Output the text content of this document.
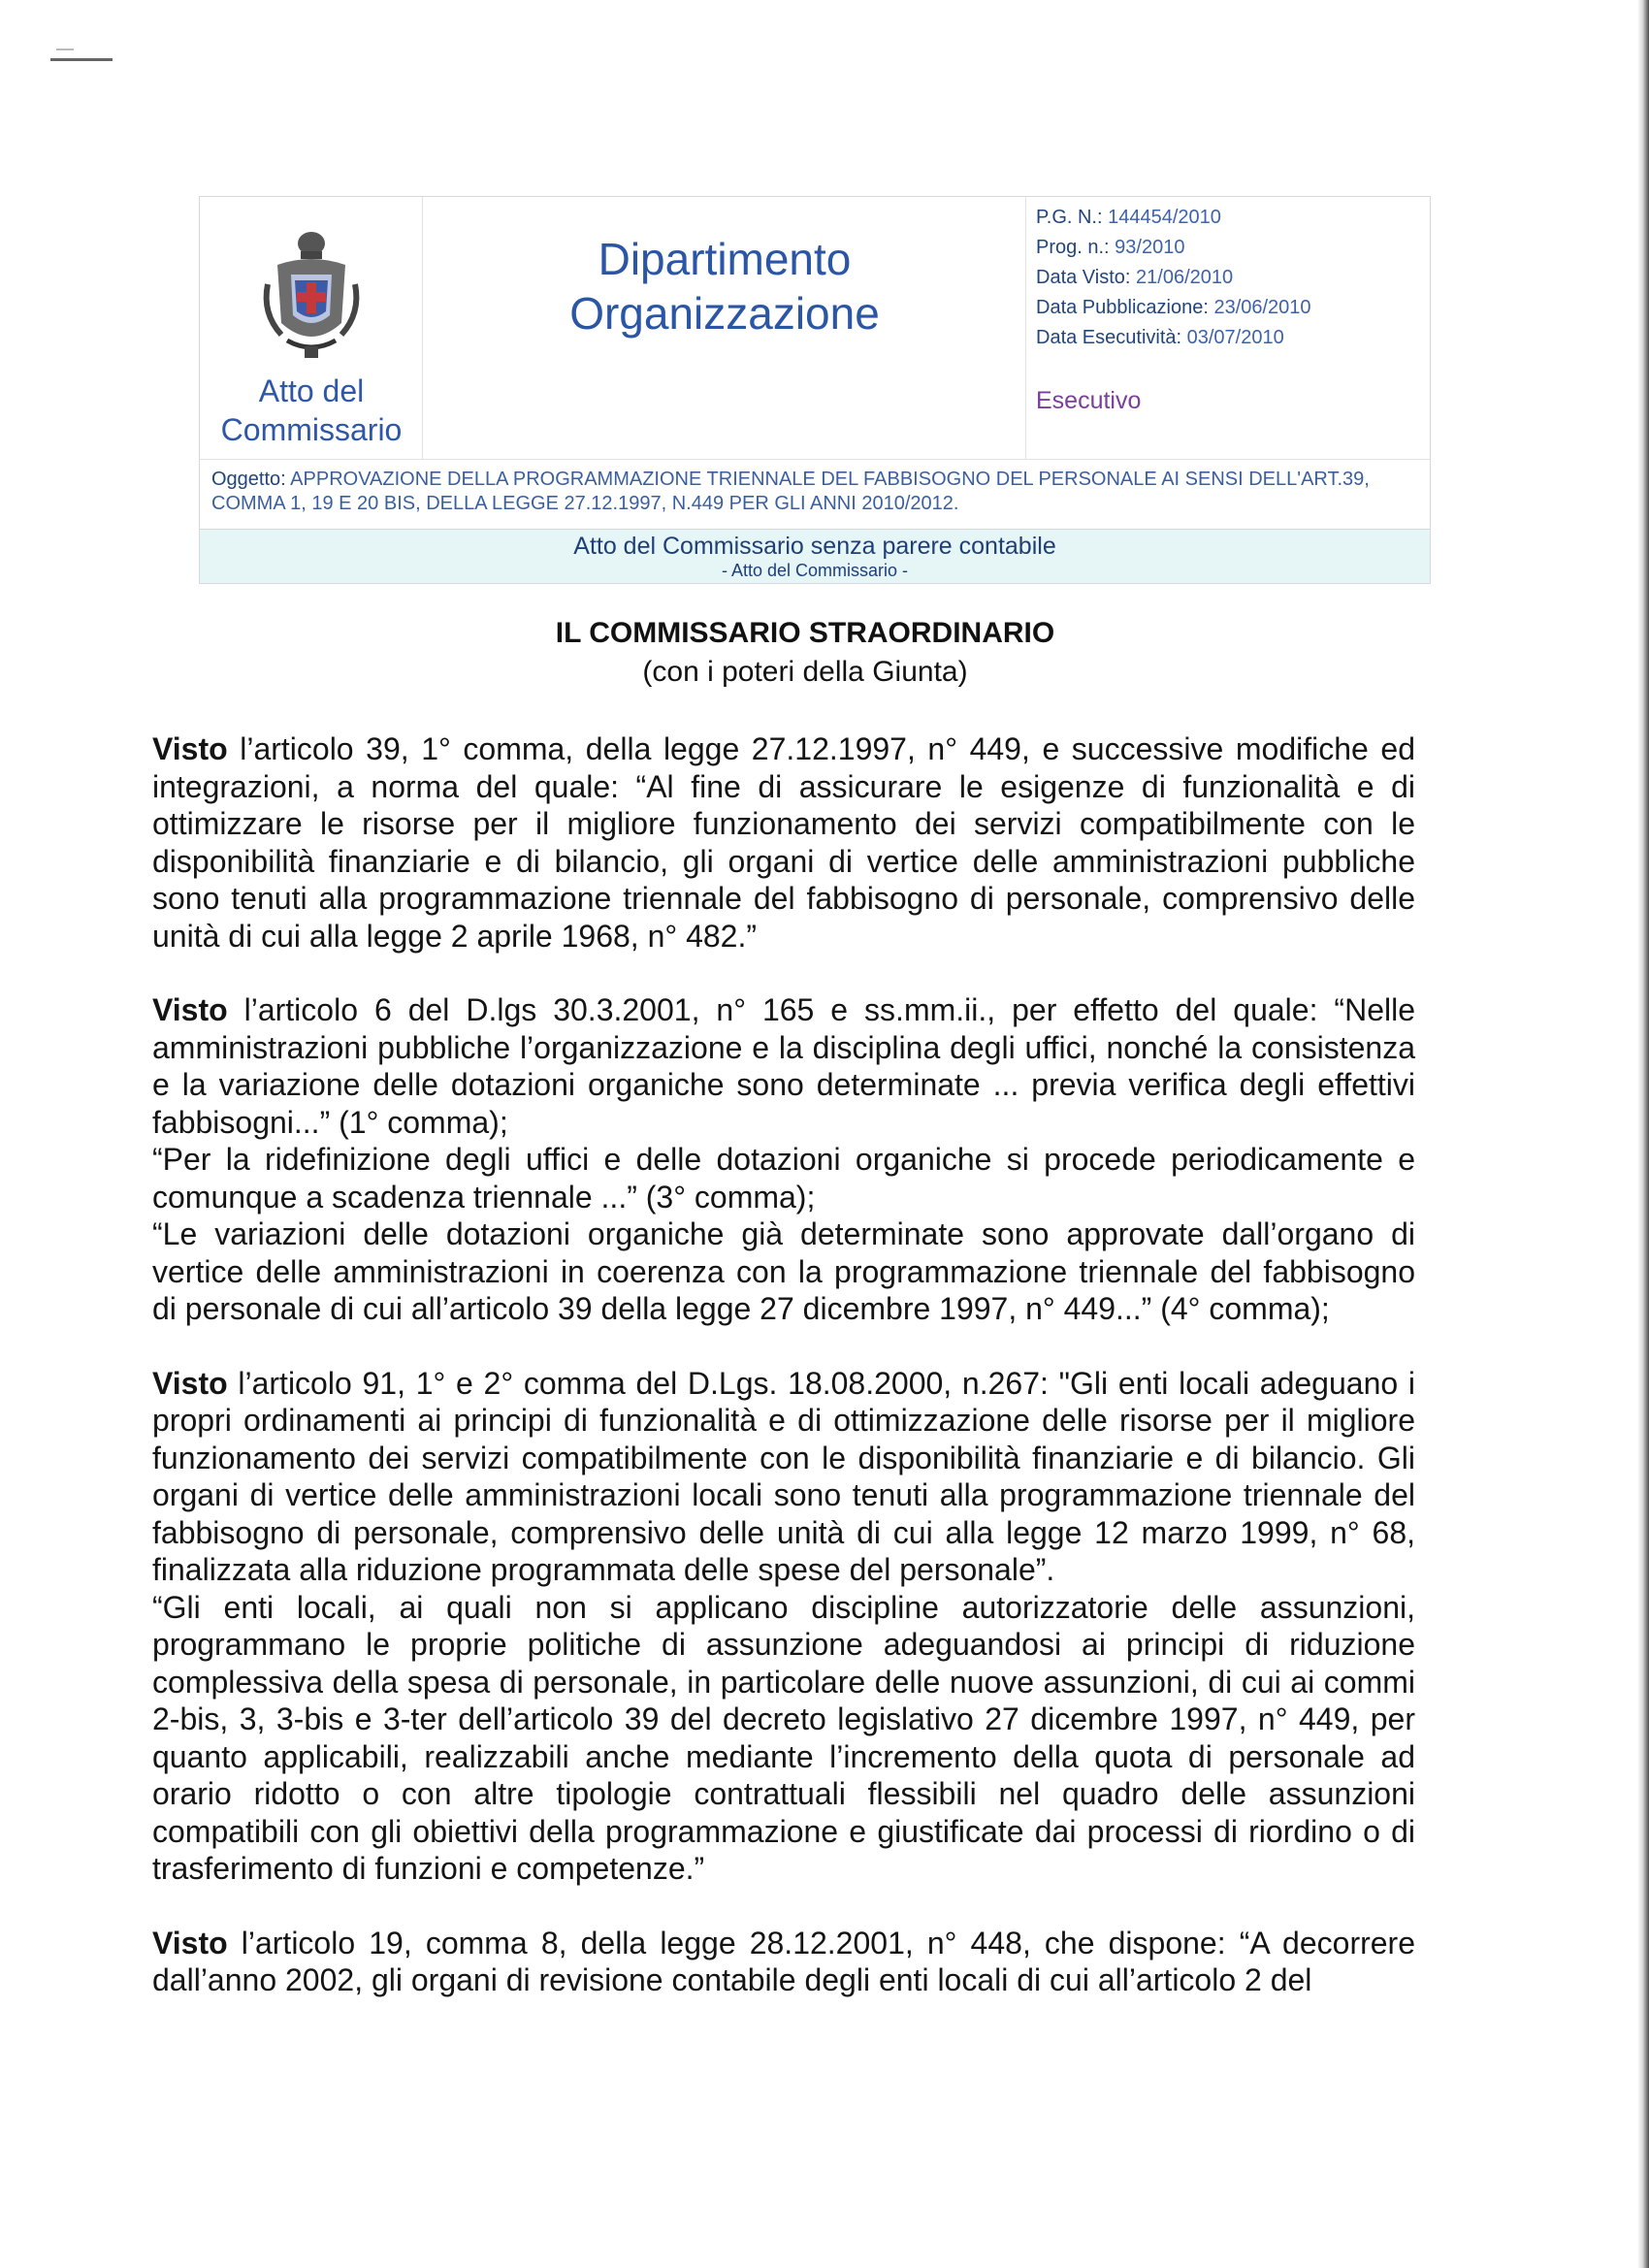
Atto del
Commissario
Dipartimento
Organizzazione
P.G. N.: 144454/2010
Prog. n.: 93/2010
Data Visto: 21/06/2010
Data Pubblicazione: 23/06/2010
Data Esecutività: 03/07/2010
Esecutivo
Oggetto: APPROVAZIONE DELLA PROGRAMMAZIONE TRIENNALE DEL FABBISOGNO DEL PERSONALE AI SENSI DELL'ART.39, COMMA 1, 19 E 20 BIS, DELLA LEGGE 27.12.1997, N.449 PER GLI ANNI 2010/2012.
Atto del Commissario senza parere contabile
- Atto del Commissario -
IL COMMISSARIO STRAORDINARIO
(con i poteri della Giunta)

Visto l’articolo 39, 1° comma, della legge 27.12.1997, n° 449, e successive modifiche ed integrazioni, a norma del quale: “Al fine di assicurare le esigenze di funzionalità e di ottimizzare le risorse per il migliore funzionamento dei servizi compatibilmente con le disponibilità finanziarie e di bilancio, gli organi di vertice delle amministrazioni pubbliche sono tenuti alla programmazione triennale del fabbisogno di personale, comprensivo delle unità di cui alla legge 2 aprile 1968, n° 482.”

Visto l’articolo 6 del D.lgs 30.3.2001, n° 165 e ss.mm.ii., per effetto del quale: “Nelle amministrazioni pubbliche l’organizzazione e la disciplina degli uffici, nonché la consistenza e la variazione delle dotazioni organiche sono determinate ... previa verifica degli effettivi fabbisogni...” (1° comma);

“Per la ridefinizione degli uffici e delle dotazioni organiche si procede periodicamente e comunque a scadenza triennale ...” (3° comma);

“Le variazioni delle dotazioni organiche già determinate sono approvate dall’organo di vertice delle amministrazioni in coerenza con la programmazione triennale del fabbisogno di personale di cui all’articolo 39 della legge 27 dicembre 1997, n° 449...” (4° comma);

Visto l’articolo 91, 1° e 2° comma del D.Lgs. 18.08.2000, n.267: "Gli enti locali adeguano i propri ordinamenti ai principi di funzionalità e di ottimizzazione delle risorse per il migliore funzionamento dei servizi compatibilmente con le disponibilità finanziarie e di bilancio. Gli organi di vertice delle amministrazioni locali sono tenuti alla programmazione triennale del fabbisogno di personale, comprensivo delle unità di cui alla legge 12 marzo 1999, n° 68, finalizzata alla riduzione programmata delle spese del personale”.

“Gli enti locali, ai quali non si applicano discipline autorizzatorie delle assunzioni, programmano le proprie politiche di assunzione adeguandosi ai principi di riduzione complessiva della spesa di personale, in particolare delle nuove assunzioni, di cui ai commi 2-bis, 3, 3-bis e 3-ter dell’articolo 39 del decreto legislativo 27 dicembre 1997, n° 449, per quanto applicabili, realizzabili anche mediante l’incremento della quota di personale ad orario ridotto o con altre tipologie contrattuali flessibili nel quadro delle assunzioni compatibili con gli obiettivi della programmazione e giustificate dai processi di riordino o di trasferimento di funzioni e competenze.”

Visto l’articolo 19, comma 8, della legge 28.12.2001, n° 448, che dispone: “A decorrere dall’anno 2002, gli organi di revisione contabile degli enti locali di cui all’articolo 2 del
